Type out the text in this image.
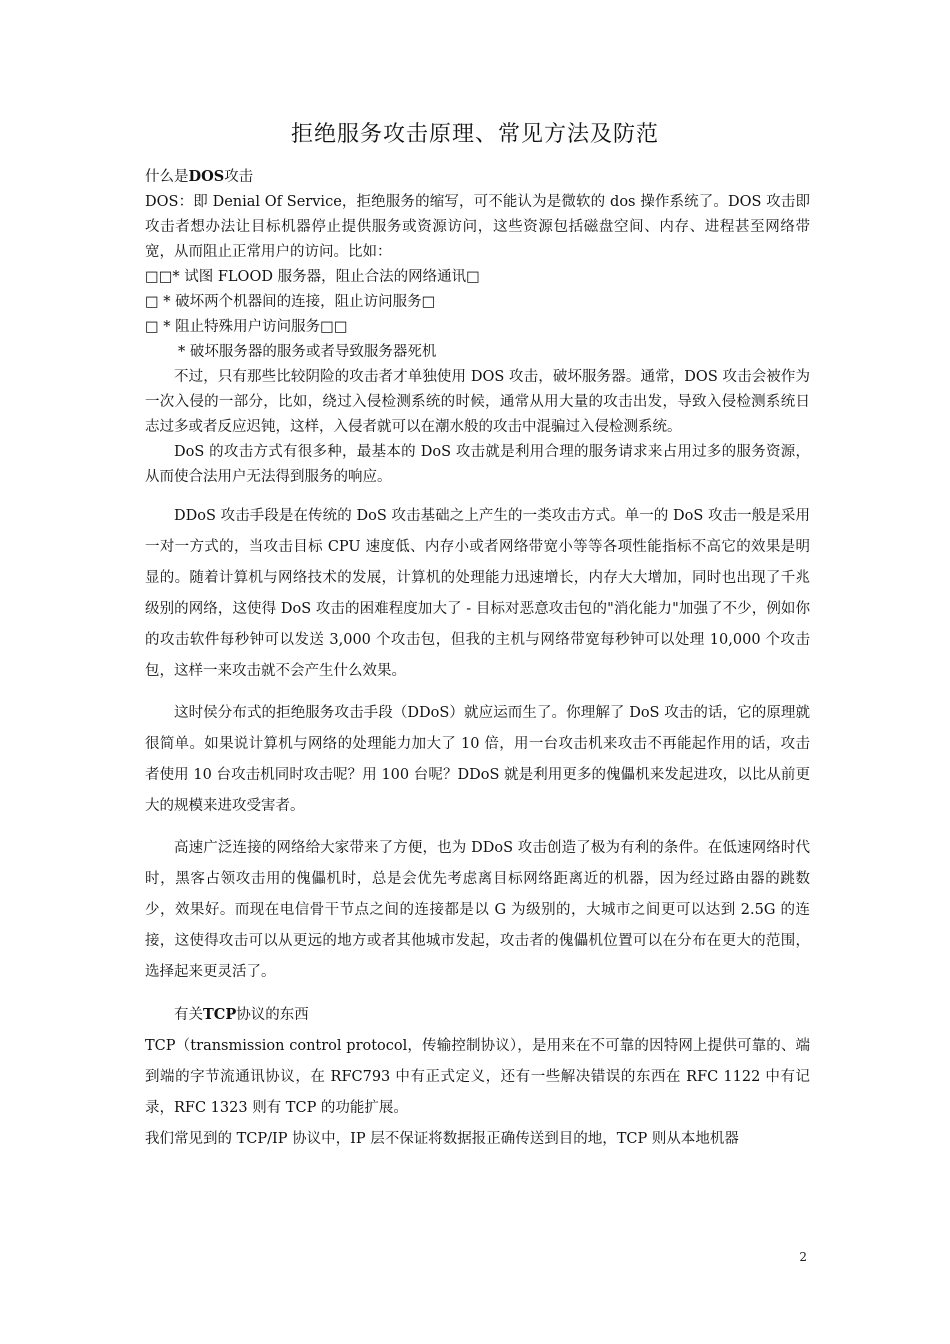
拒绝服务攻击原理、常见方法及防范

什么是DOS攻击

DOS：即 Denial Of Service，拒绝服务的缩写，可不能认为是微软的 dos 操作系统了。DOS 攻击即攻击者想办法让目标机器停止提供服务或资源访问，这些资源包括磁盘空间、内存、进程甚至网络带宽，从而阻止正常用户的访问。比如：

□□* 试图 FLOOD 服务器，阻止合法的网络通讯□

□ * 破坏两个机器间的连接，阻止访问服务□

□ * 阻止特殊用户访问服务□□

* 破坏服务器的服务或者导致服务器死机

不过，只有那些比较阴险的攻击者才单独使用 DOS 攻击，破坏服务器。通常，DOS 攻击会被作为一次入侵的一部分，比如，绕过入侵检测系统的时候，通常从用大量的攻击出发，导致入侵检测系统日志过多或者反应迟钝，这样，入侵者就可以在潮水般的攻击中混骗过入侵检测系统。

DoS 的攻击方式有很多种，最基本的 DoS 攻击就是利用合理的服务请求来占用过多的服务资源，从而使合法用户无法得到服务的响应。

DDoS 攻击手段是在传统的 DoS 攻击基础之上产生的一类攻击方式。单一的 DoS 攻击一般是采用一对一方式的，当攻击目标 CPU 速度低、内存小或者网络带宽小等等各项性能指标不高它的效果是明显的。随着计算机与网络技术的发展，计算机的处理能力迅速增长，内存大大增加，同时也出现了千兆级别的网络，这使得 DoS 攻击的困难程度加大了 - 目标对恶意攻击包的"消化能力"加强了不少，例如你的攻击软件每秒钟可以发送 3,000 个攻击包，但我的主机与网络带宽每秒钟可以处理 10,000 个攻击包，这样一来攻击就不会产生什么效果。

这时侯分布式的拒绝服务攻击手段（DDoS）就应运而生了。你理解了 DoS 攻击的话，它的原理就很简单。如果说计算机与网络的处理能力加大了 10 倍，用一台攻击机来攻击不再能起作用的话，攻击者使用 10 台攻击机同时攻击呢？用 100 台呢？DDoS 就是利用更多的傀儡机来发起进攻，以比从前更大的规模来进攻受害者。

高速广泛连接的网络给大家带来了方便，也为 DDoS 攻击创造了极为有利的条件。在低速网络时代时，黑客占领攻击用的傀儡机时，总是会优先考虑离目标网络距离近的机器，因为经过路由器的跳数少，效果好。而现在电信骨干节点之间的连接都是以 G 为级别的，大城市之间更可以达到 2.5G 的连接，这使得攻击可以从更远的地方或者其他城市发起，攻击者的傀儡机位置可以在分布在更大的范围，选择起来更灵活了。

有关TCP协议的东西

TCP（transmission control protocol，传输控制协议），是用来在不可靠的因特网上提供可靠的、端到端的字节流通讯协议，在 RFC793 中有正式定义，还有一些解决错误的东西在 RFC 1122 中有记录，RFC 1323 则有 TCP 的功能扩展。

我们常见到的 TCP/IP 协议中，IP 层不保证将数据报正确传送到目的地，TCP 则从本地机器

2
